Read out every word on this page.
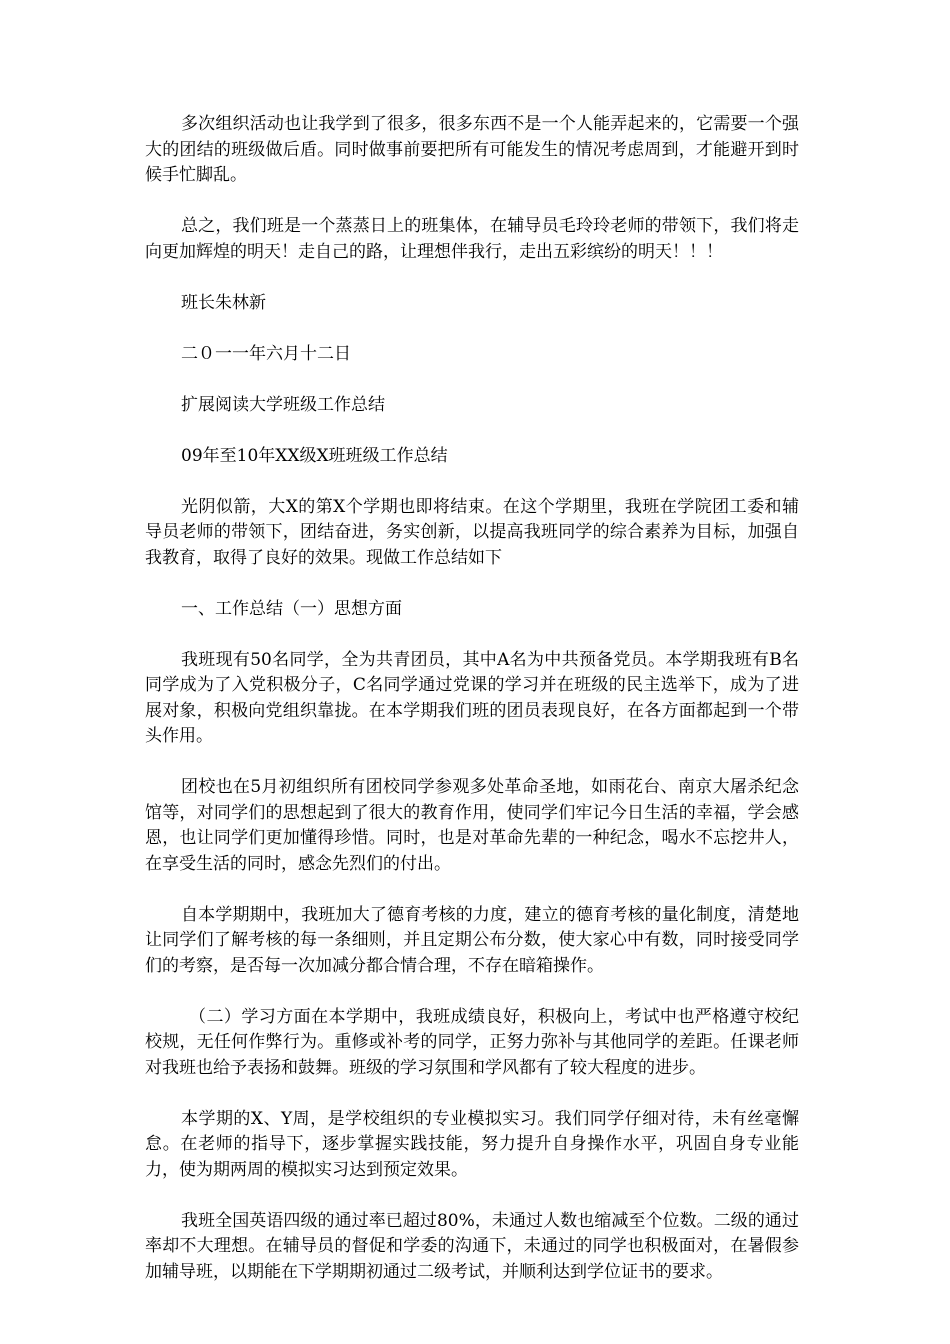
多次组织活动也让我学到了很多，很多东西不是一个人能弄起来的，它需要一个强大的团结的班级做后盾。同时做事前要把所有可能发生的情况考虑周到，才能避开到时候手忙脚乱。

总之，我们班是一个蒸蒸日上的班集体，在辅导员毛玲玲老师的带领下，我们将走向更加辉煌的明天！走自己的路，让理想伴我行，走出五彩缤纷的明天！！！

班长朱林新

二０一一年六月十二日

扩展阅读大学班级工作总结

09年至10年XX级X班班级工作总结

光阴似箭，大X的第X个学期也即将结束。在这个学期里，我班在学院团工委和辅导员老师的带领下，团结奋进，务实创新，以提高我班同学的综合素养为目标，加强自我教育，取得了良好的效果。现做工作总结如下

一、工作总结（一）思想方面

我班现有50名同学，全为共青团员，其中A名为中共预备党员。本学期我班有B名同学成为了入党积极分子，C名同学通过党课的学习并在班级的民主选举下，成为了进展对象，积极向党组织靠拢。在本学期我们班的团员表现良好，在各方面都起到一个带头作用。

团校也在5月初组织所有团校同学参观多处革命圣地，如雨花台、南京大屠杀纪念馆等，对同学们的思想起到了很大的教育作用，使同学们牢记今日生活的幸福，学会感恩，也让同学们更加懂得珍惜。同时，也是对革命先辈的一种纪念，喝水不忘挖井人，在享受生活的同时，感念先烈们的付出。

自本学期期中，我班加大了德育考核的力度，建立的德育考核的量化制度，清楚地让同学们了解考核的每一条细则，并且定期公布分数，使大家心中有数，同时接受同学们的考察，是否每一次加减分都合情合理，不存在暗箱操作。

（二）学习方面在本学期中，我班成绩良好，积极向上，考试中也严格遵守校纪校规，无任何作弊行为。重修或补考的同学，正努力弥补与其他同学的差距。任课老师对我班也给予表扬和鼓舞。班级的学习氛围和学风都有了较大程度的进步。

本学期的X、Y周，是学校组织的专业模拟实习。我们同学仔细对待，未有丝毫懈怠。在老师的指导下，逐步掌握实践技能，努力提升自身操作水平，巩固自身专业能力，使为期两周的模拟实习达到预定效果。

我班全国英语四级的通过率已超过80%，未通过人数也缩减至个位数。二级的通过率却不大理想。在辅导员的督促和学委的沟通下，未通过的同学也积极面对，在暑假参加辅导班，以期能在下学期期初通过二级考试，并顺利达到学位证书的要求。
